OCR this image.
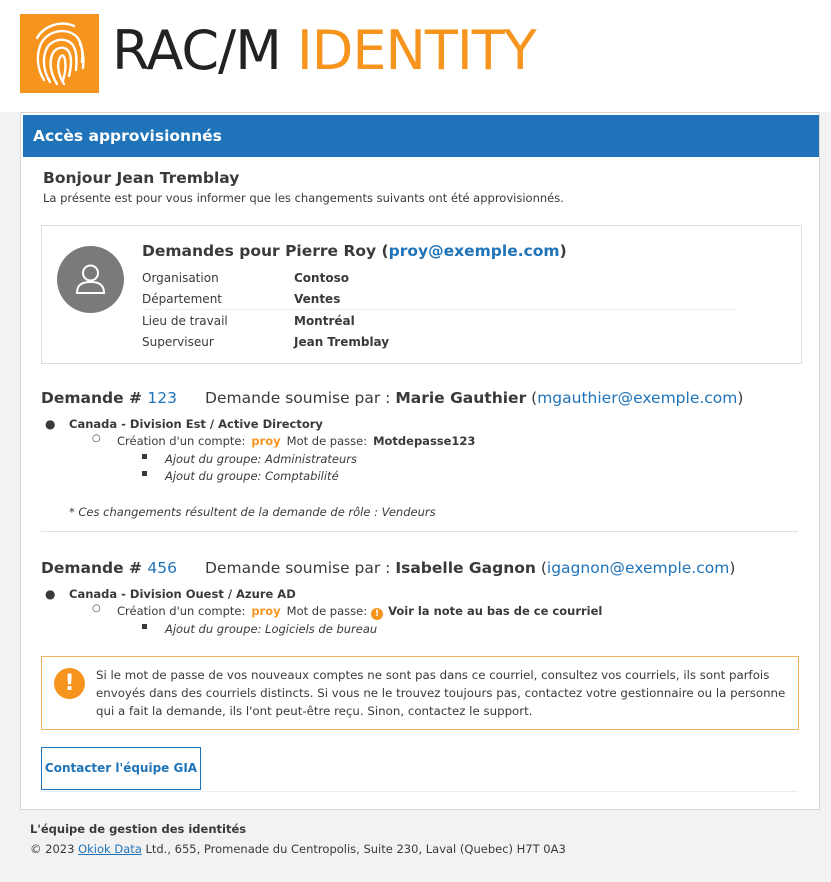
RAC/M IDENTITY
Accès approvisionnés
Bonjour Jean Tremblay
La présente est pour vous informer que les changements suivants ont été approvisionnés.
Demandes pour Pierre Roy (proy@exemple.com)
Organisation	Contoso
Département	Ventes
Lieu de travail	Montréal
Superviseur	Jean Tremblay
Demande # 123 Demande soumise par : Marie Gauthier (mgauthier@exemple.com)
● Canada - Division Est / Active Directory
○ Création d'un compte: proy Mot de passe: Motdepasse123
Ajout du groupe: Administrateurs
Ajout du groupe: Comptabilité
* Ces changements résultent de la demande de rôle : Vendeurs
Demande # 456 Demande soumise par : Isabelle Gagnon (igagnon@exemple.com)
● Canada - Division Ouest / Azure AD
○ Création d'un compte: proy Mot de passe: ! Voir la note au bas de ce courriel
Ajout du groupe: Logiciels de bureau
!	Si le mot de passe de vos nouveaux comptes ne sont pas dans ce courriel, consultez vos courriels, ils sont parfois envoyés dans des courriels distincts. Si vous ne le trouvez toujours pas, contactez votre gestionnaire ou la personne qui a fait la demande, ils l'ont peut-être reçu. Sinon, contactez le support.
Contacter l'équipe GIA
L'équipe de gestion des identités
© 2023 Okiok Data Ltd., 655, Promenade du Centropolis, Suite 230, Laval (Quebec) H7T 0A3
